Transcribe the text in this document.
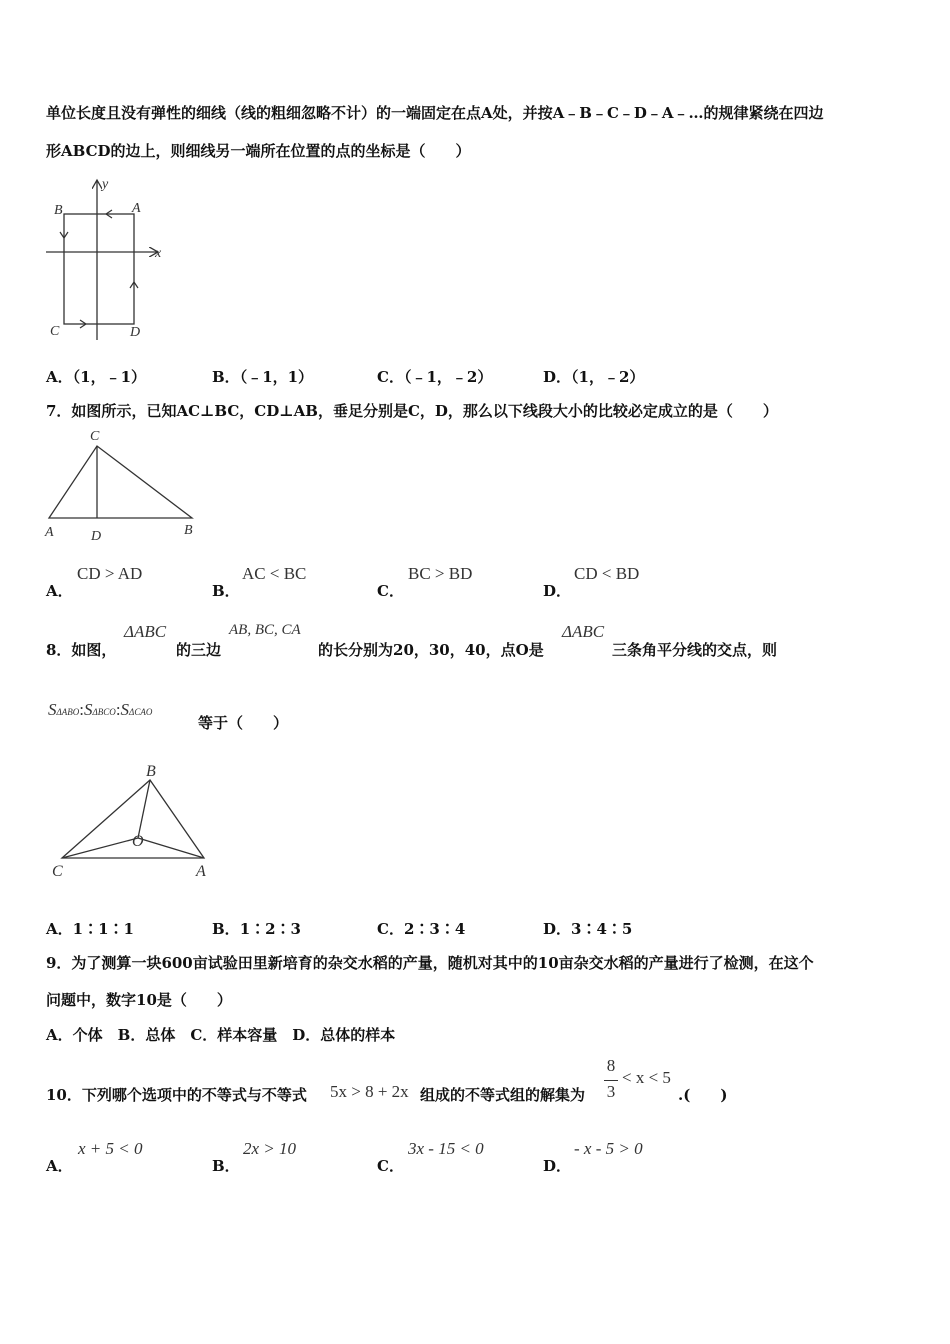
单位长度且没有弹性的细线（线的粗细忽略不计）的一端固定在点A处，并按A﹣B﹣C﹣D﹣A﹣…的规律紧绕在四边
形ABCD的边上，则细线另一端所在位置的点的坐标是（　　）
y
x
A
B
C	D
A．（1，﹣1）	B．（﹣1，1）	C．（﹣1，﹣2）	D．（1，﹣2）
7．如图所示，已知AC⊥BC，CD⊥AB，垂足分别是C，D，那么以下线段大小的比较必定成立的是（　　）
C
A	D	B
A．
CD > AD
B．
AC < BC
C．
BC > BD
D．
CD < BD
8．如图，
ΔABC
的三边
AB, BC, CA
的长分别为20，30，40，点O是
ΔABC
三条角平分线的交点，则
SΔABO:SΔBCO:SΔCAO
等于（　　）
B
O
C	A
A．1∶1∶1	B．1∶2∶3	C．2∶3∶4	D．3∶4∶5
9．为了测算一块600亩试验田里新培育的杂交水稻的产量，随机对其中的10亩杂交水稻的产量进行了检测，在这个
问题中，数字10是（　　）
A．个体　B．总体　C．样本容量　D．总体的样本
10．下列哪个选项中的不等式与不等式 5x > 8 + 2x 组成的不等式组的解集为
8
3
< x < 5
.(　　)
A．
x + 5 < 0
B．
2x > 10
C．
3x - 15 < 0
D．
- x - 5 > 0
